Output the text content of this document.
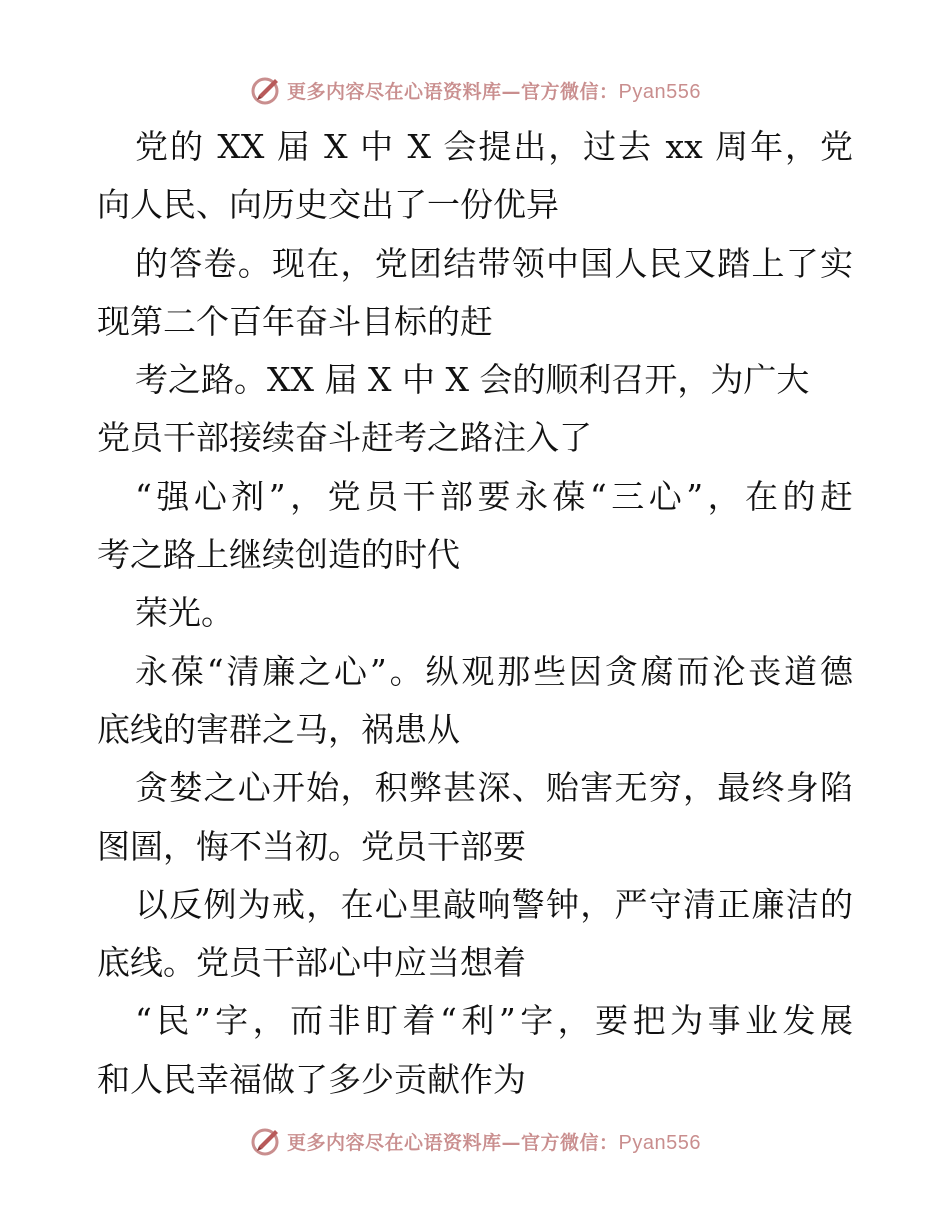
更多内容尽在心语资料库—官方微信：Pyan556
党的 XX 届 X 中 X 会提出，过去 xx 周年，党
向人民、向历史交出了一份优异
的答卷。现在，党团结带领中国人民又踏上了实
现第二个百年奋斗目标的赶
考之路。XX 届 X 中 X 会的顺利召开，为广大
党员干部接续奋斗赶考之路注入了
“强心剂”，党员干部要永葆“三心”，在的赶
考之路上继续创造的时代
荣光。
永葆“清廉之心”。纵观那些因贪腐而沦丧道德
底线的害群之马，祸患从
贪婪之心开始，积弊甚深、贻害无穷，最终身陷
图圄，悔不当初。党员干部要
以反例为戒，在心里敲响警钟，严守清正廉洁的
底线。党员干部心中应当想着
“民”字，而非盯着“利”字，要把为事业发展
和人民幸福做了多少贡献作为
更多内容尽在心语资料库—官方微信：Pyan556
